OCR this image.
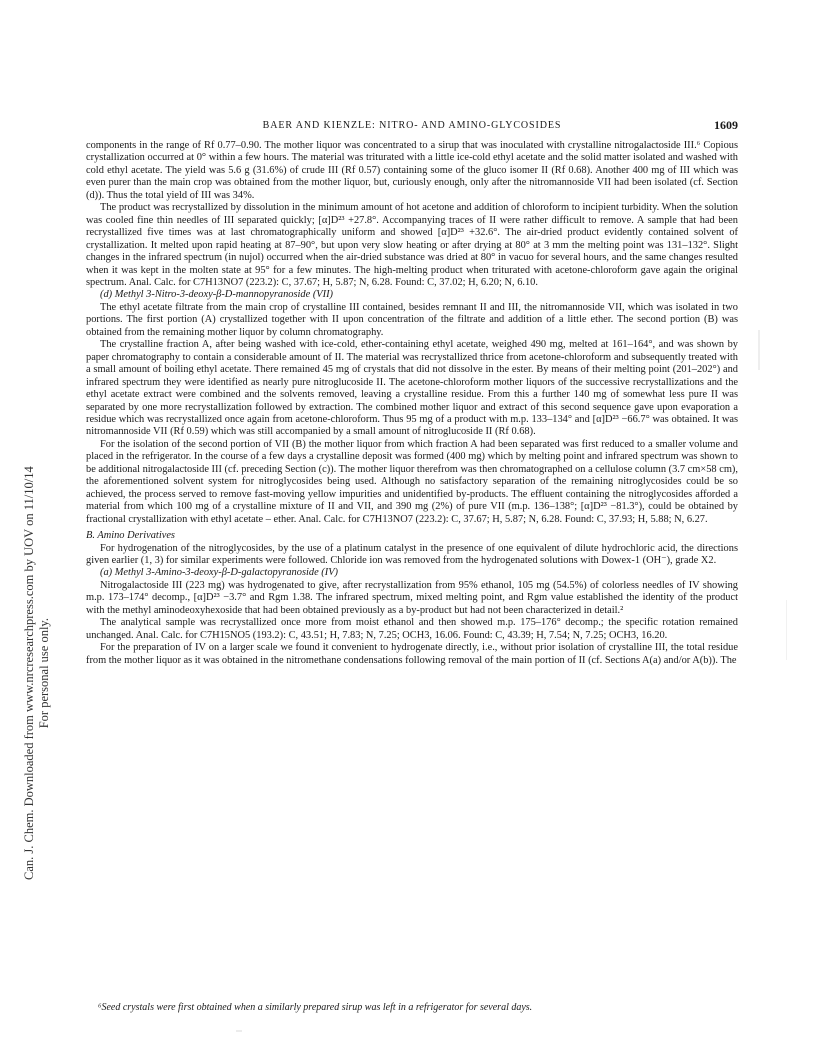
Can. J. Chem. Downloaded from www.nrcresearchpress.com by UOV on 11/10/14 For personal use only.
BAER AND KIENZLE: NITRO- AND AMINO-GLYCOSIDES	1609

components in the range of Rf 0.77–0.90. The mother liquor was concentrated to a sirup that was inoculated with crystalline nitrogalactoside III.⁶ Copious crystallization occurred at 0° within a few hours. The material was triturated with a little ice-cold ethyl acetate and the solid matter isolated and washed with cold ethyl acetate. The yield was 5.6 g (31.6%) of crude III (Rf 0.57) containing some of the gluco isomer II (Rf 0.68). Another 400 mg of III which was even purer than the main crop was obtained from the mother liquor, but, curiously enough, only after the nitromannoside VII had been isolated (cf. Section (d)). Thus the total yield of III was 34%.

The product was recrystallized by dissolution in the minimum amount of hot acetone and addition of chloroform to incipient turbidity. When the solution was cooled fine thin needles of III separated quickly; [α]D²³ +27.8°. Accompanying traces of II were rather difficult to remove. A sample that had been recrystallized five times was at last chromatographically uniform and showed [α]D²³ +32.6°. The air-dried product evidently contained solvent of crystallization. It melted upon rapid heating at 87–90°, but upon very slow heating or after drying at 80° at 3 mm the melting point was 131–132°. Slight changes in the infrared spectrum (in nujol) occurred when the air-dried substance was dried at 80° in vacuo for several hours, and the same changes resulted when it was kept in the molten state at 95° for a few minutes. The high-melting product when triturated with acetone-chloroform gave again the original spectrum. Anal. Calc. for C7H13NO7 (223.2): C, 37.67; H, 5.87; N, 6.28. Found: C, 37.02; H, 6.20; N, 6.10.

(d) Methyl 3-Nitro-3-deoxy-β-D-mannopyranoside (VII)

The ethyl acetate filtrate from the main crop of crystalline III contained, besides remnant II and III, the nitromannoside VII, which was isolated in two portions. The first portion (A) crystallized together with II upon concentration of the filtrate and addition of a little ether. The second portion (B) was obtained from the remaining mother liquor by column chromatography.

The crystalline fraction A, after being washed with ice-cold, ether-containing ethyl acetate, weighed 490 mg, melted at 161–164°, and was shown by paper chromatography to contain a considerable amount of II. The material was recrystallized thrice from acetone-chloroform and subsequently treated with a small amount of boiling ethyl acetate. There remained 45 mg of crystals that did not dissolve in the ester. By means of their melting point (201–202°) and infrared spectrum they were identified as nearly pure nitroglucoside II. The acetone-chloroform mother liquors of the successive recrystallizations and the ethyl acetate extract were combined and the solvents removed, leaving a crystalline residue. From this a further 140 mg of somewhat less pure II was separated by one more recrystallization followed by extraction. The combined mother liquor and extract of this second sequence gave upon evaporation a residue which was recrystallized once again from acetone-chloroform. Thus 95 mg of a product with m.p. 133–134° and [α]D²³ −66.7° was obtained. It was nitromannoside VII (Rf 0.59) which was still accompanied by a small amount of nitroglucoside II (Rf 0.68).

For the isolation of the second portion of VII (B) the mother liquor from which fraction A had been separated was first reduced to a smaller volume and placed in the refrigerator. In the course of a few days a crystalline deposit was formed (400 mg) which by melting point and infrared spectrum was shown to be additional nitrogalactoside III (cf. preceding Section (c)). The mother liquor therefrom was then chromatographed on a cellulose column (3.7 cm×58 cm), the aforementioned solvent system for nitroglycosides being used. Although no satisfactory separation of the remaining nitroglycosides could be so achieved, the process served to remove fast-moving yellow impurities and unidentified by-products. The effluent containing the nitroglycosides afforded a material from which 100 mg of a crystalline mixture of II and VII, and 390 mg (2%) of pure VII (m.p. 136–138°; [α]D²³ −81.3°), could be obtained by fractional crystallization with ethyl acetate – ether. Anal. Calc. for C7H13NO7 (223.2): C, 37.67; H, 5.87; N, 6.28. Found: C, 37.93; H, 5.88; N, 6.27.

B. Amino Derivatives

For hydrogenation of the nitroglycosides, by the use of a platinum catalyst in the presence of one equivalent of dilute hydrochloric acid, the directions given earlier (1, 3) for similar experiments were followed. Chloride ion was removed from the hydrogenated solutions with Dowex-1 (OH⁻), grade X2.

(a) Methyl 3-Amino-3-deoxy-β-D-galactopyranoside (IV)

Nitrogalactoside III (223 mg) was hydrogenated to give, after recrystallization from 95% ethanol, 105 mg (54.5%) of colorless needles of IV showing m.p. 173–174° decomp., [α]D²³ −3.7° and Rgm 1.38. The infrared spectrum, mixed melting point, and Rgm value established the identity of the product with the methyl aminodeoxyhexoside that had been obtained previously as a by-product but had not been characterized in detail.²

The analytical sample was recrystallized once more from moist ethanol and then showed m.p. 175–176° decomp.; the specific rotation remained unchanged. Anal. Calc. for C7H15NO5 (193.2): C, 43.51; H, 7.83; N, 7.25; OCH3, 16.06. Found: C, 43.39; H, 7.54; N, 7.25; OCH3, 16.20.

For the preparation of IV on a larger scale we found it convenient to hydrogenate directly, i.e., without prior isolation of crystalline III, the total residue from the mother liquor as it was obtained in the nitromethane condensations following removal of the main portion of II (cf. Sections A(a) and/or A(b)). The

⁶Seed crystals were first obtained when a similarly prepared sirup was left in a refrigerator for several days.
